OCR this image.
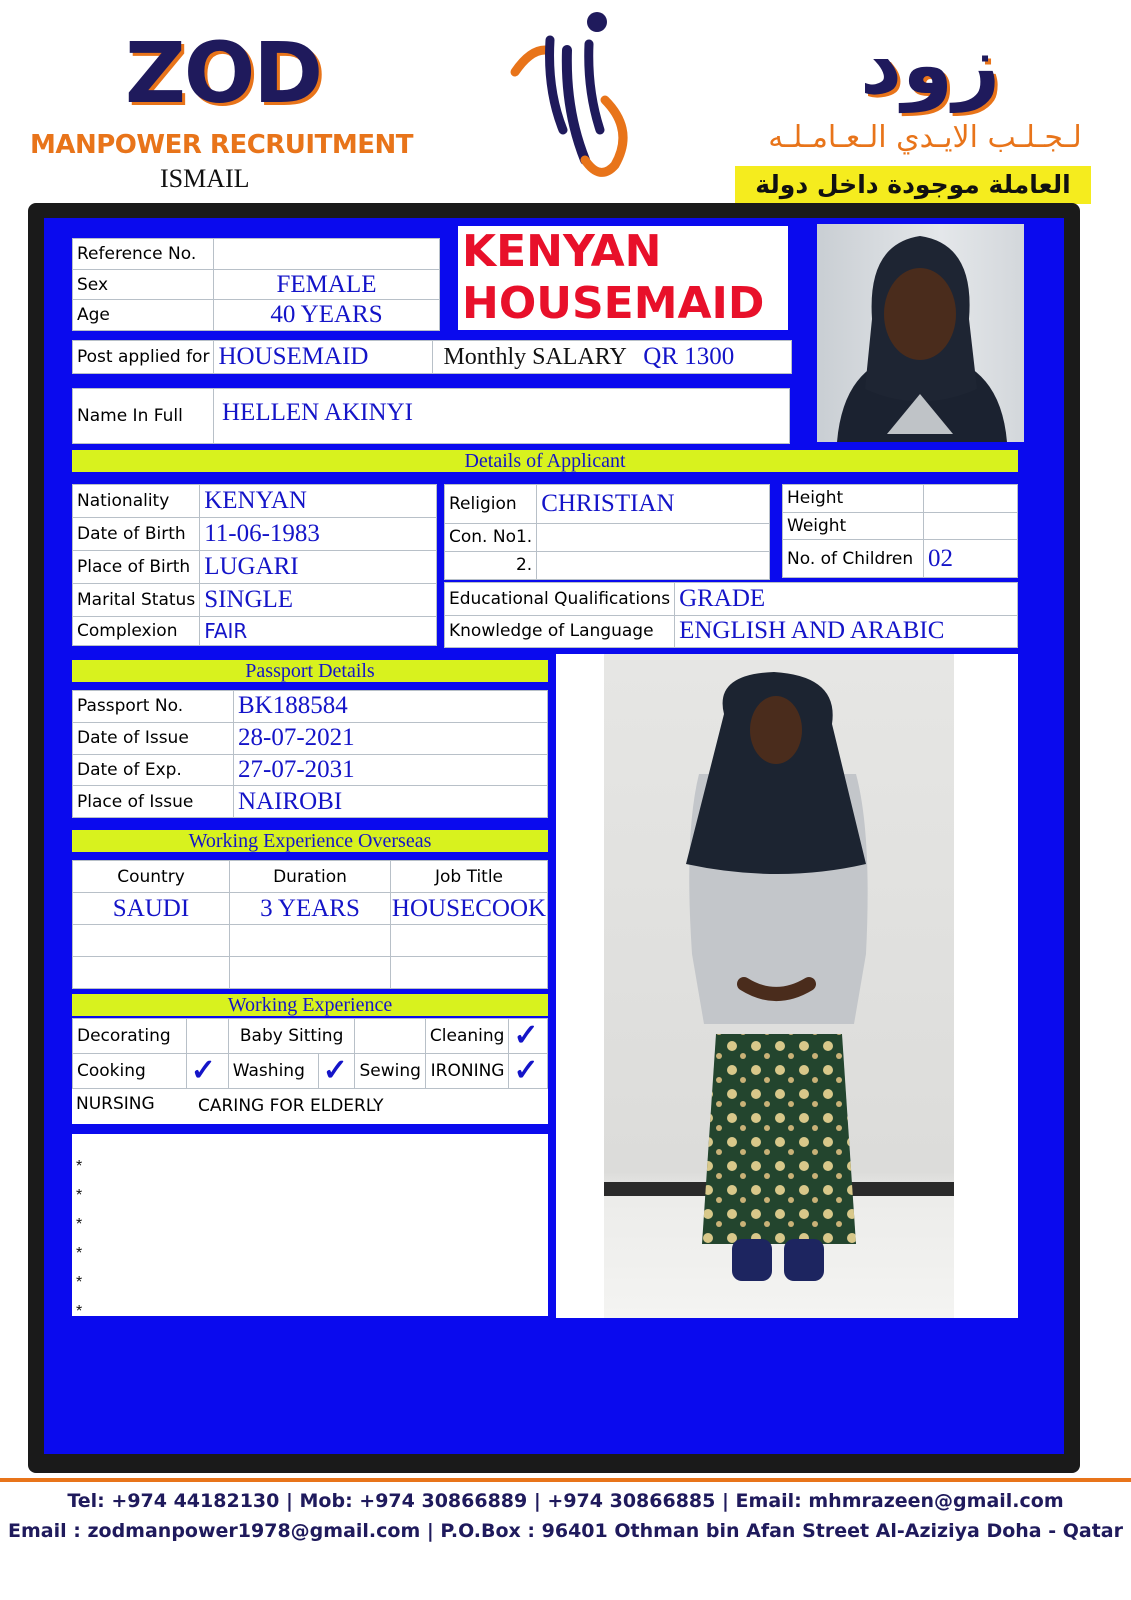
ZOD
MANPOWER RECRUITMENT
ISMAIL
زود
لـجـلـب الايـدي الـعـامـلـه
العاملة موجودة داخل دولة
Reference No.	
Sex	FEMALE
Age	40 YEARS
KENYAN
HOUSEMAID
Post applied for	HOUSEMAID	Monthly SALARY QR 1300
Name In Full	HELLEN AKINYI
Details of Applicant
Nationality	KENYAN
Date of Birth	11-06-1983
Place of Birth	LUGARI
Marital Status	SINGLE
Complexion	FAIR
Religion	CHRISTIAN
Con. No1.	
2.	
Height	
Weight	
No. of Children	02
Educational Qualifications	GRADE
Knowledge of Language	ENGLISH AND ARABIC
Passport Details
Passport No.	BK188584
Date of Issue	28-07-2021
Date of Exp.	27-07-2031
Place of Issue	NAIROBI
Working Experience Overseas
Country	Duration	Job Title
SAUDI	3 YEARS	HOUSECOOK

Working Experience
Decorating		Baby Sitting			Cleaning	✓
Cooking	✓	Washing	✓	Sewing	IRONING	✓
NURSING	CARING FOR ELDERLY
*
*
*
*
*
*
Tel: +974 44182130 | Mob: +974 30866889 | +974 30866885 | Email: mhmrazeen@gmail.com
Email : zodmanpower1978@gmail.com | P.O.Box : 96401 Othman bin Afan Street Al-Aziziya Doha - Qatar
